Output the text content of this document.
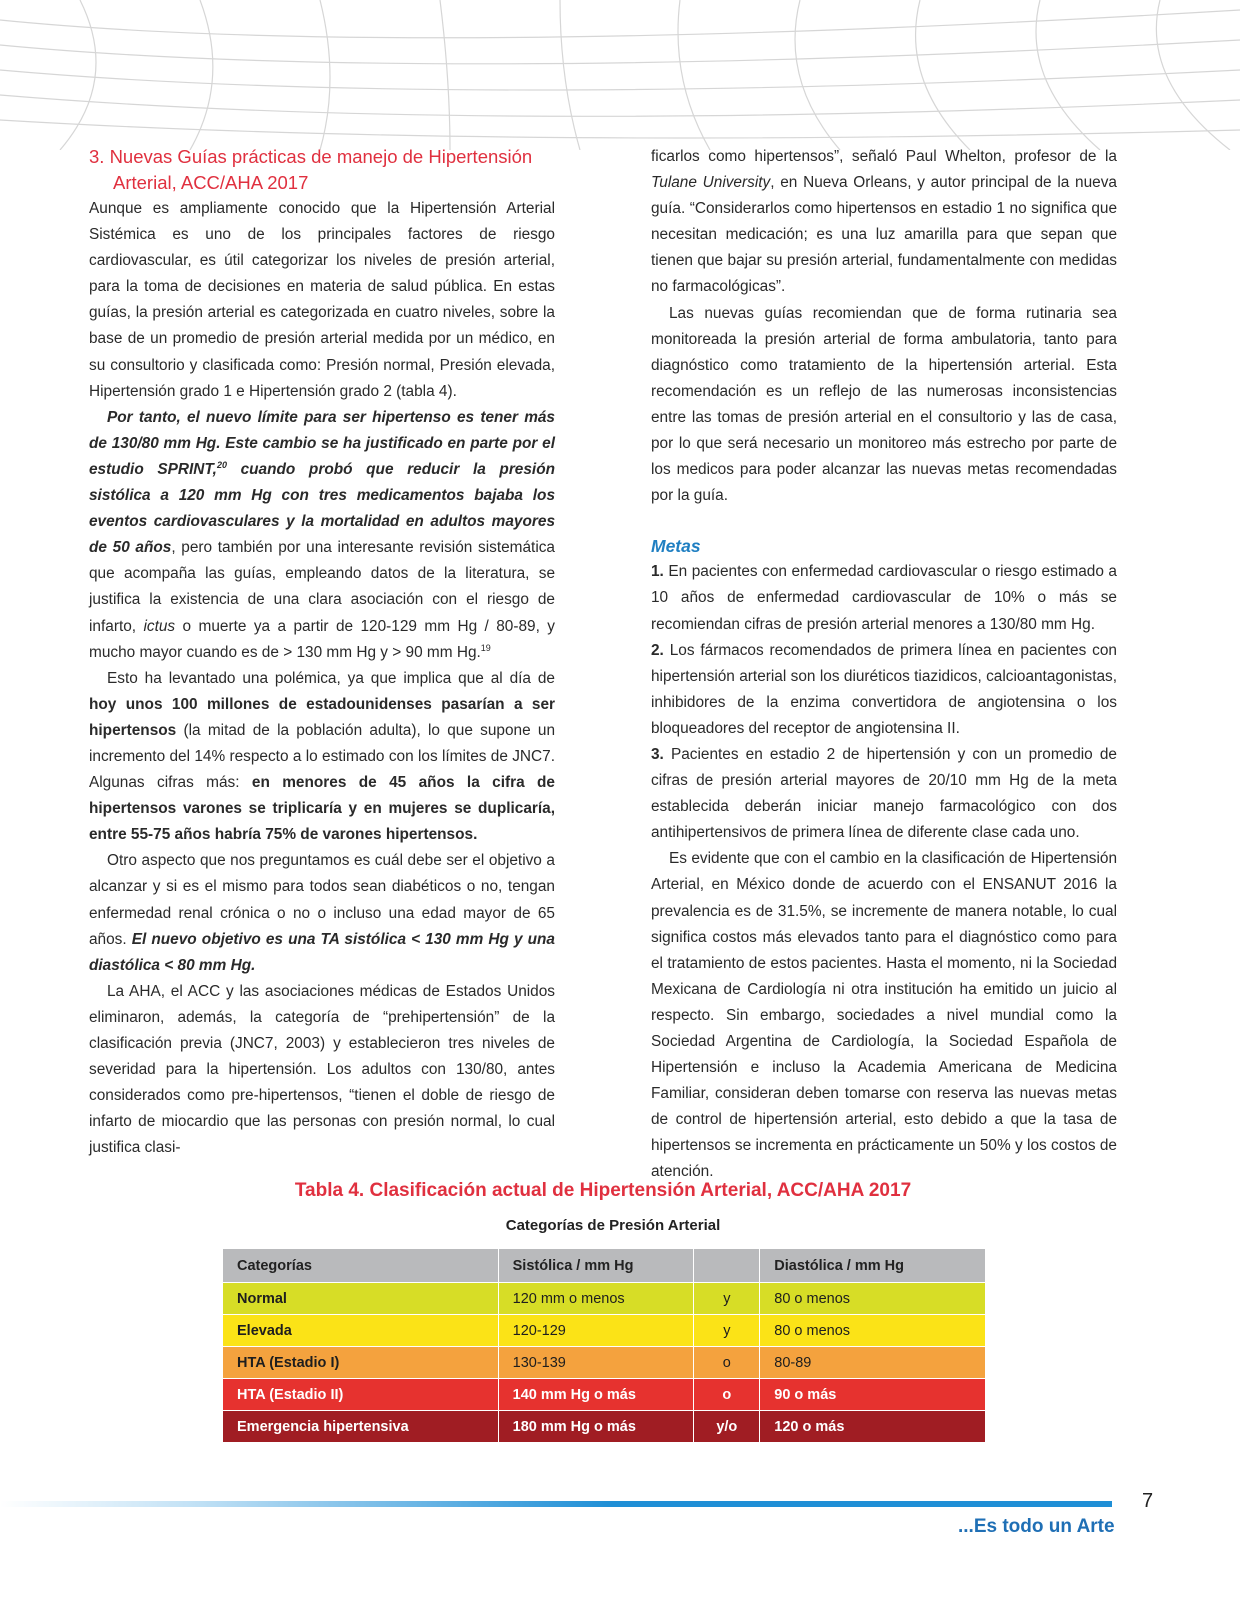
3. Nuevas Guías prácticas de manejo de Hipertensión
Arterial, ACC/AHA 2017

Aunque es ampliamente conocido que la Hipertensión Arterial Sistémica es uno de los principales factores de riesgo cardiovascular, es útil categorizar los niveles de presión arterial, para la toma de decisiones en materia de salud pública. En estas guías, la presión arterial es categorizada en cuatro niveles, sobre la base de un promedio de presión arterial medida por un médico, en su consultorio y clasificada como: Presión normal, Presión elevada, Hipertensión grado 1 e Hipertensión grado 2 (tabla 4).

Por tanto, el nuevo límite para ser hipertenso es tener más de 130/80 mm Hg. Este cambio se ha justificado en parte por el estudio SPRINT,$^{20}$ cuando probó que reducir la presión sistólica a 120 mm Hg con tres medicamentos bajaba los eventos cardiovasculares y la mortalidad en adultos mayores de 50 años, pero también por una interesante revisión sistemática que acompaña las guías, empleando datos de la literatura, se justifica la existencia de una clara asociación con el riesgo de infarto, ictus o muerte ya a partir de 120-129 mm Hg / 80-89, y mucho mayor cuando es de > 130 mm Hg y > 90 mm Hg.$^{19}$

Esto ha levantado una polémica, ya que implica que al día de hoy unos 100 millones de estadounidenses pasarían a ser hipertensos (la mitad de la población adulta), lo que supone un incremento del 14% respecto a lo estimado con los límites de JNC7. Algunas cifras más: en menores de 45 años la cifra de hipertensos varones se triplicaría y en mujeres se duplicaría, entre 55-75 años habría 75% de varones hipertensos.

Otro aspecto que nos preguntamos es cuál debe ser el objetivo a alcanzar y si es el mismo para todos sean diabéticos o no, tengan enfermedad renal crónica o no o incluso una edad mayor de 65 años. El nuevo objetivo es una TA sistólica < 130 mm Hg y una diastólica < 80 mm Hg.

La AHA, el ACC y las asociaciones médicas de Estados Unidos eliminaron, además, la categoría de “prehipertensión” de la clasificación previa (JNC7, 2003) y establecieron tres niveles de severidad para la hipertensión. Los adultos con 130/80, antes considerados como pre-hipertensos, “tienen el doble de riesgo de infarto de miocardio que las personas con presión normal, lo cual justifica clasi-

ficarlos como hipertensos”, señaló Paul Whelton, profesor de la Tulane University, en Nueva Orleans, y autor principal de la nueva guía. “Considerarlos como hipertensos en estadio 1 no significa que necesitan medicación; es una luz amarilla para que sepan que tienen que bajar su presión arterial, fundamentalmente con medidas no farmacológicas”.

Las nuevas guías recomiendan que de forma rutinaria sea monitoreada la presión arterial de forma ambulatoria, tanto para diagnóstico como tratamiento de la hipertensión arterial. Esta recomendación es un reflejo de las numerosas inconsistencias entre las tomas de presión arterial en el consultorio y las de casa, por lo que será necesario un monitoreo más estrecho por parte de los medicos para poder alcanzar las nuevas metas recomendadas por la guía.

Metas

1. En pacientes con enfermedad cardiovascular o riesgo estimado a 10 años de enfermedad cardiovascular de 10% o más se recomiendan cifras de presión arterial menores a 130/80 mm Hg.

2. Los fármacos recomendados de primera línea en pacientes con hipertensión arterial son los diuréticos tiazidicos, calcioantagonistas, inhibidores de la enzima convertidora de angiotensina o los bloqueadores del receptor de angiotensina II.

3. Pacientes en estadio 2 de hipertensión y con un promedio de cifras de presión arterial mayores de 20/10 mm Hg de la meta establecida deberán iniciar manejo farmacológico con dos antihipertensivos de primera línea de diferente clase cada uno.

Es evidente que con el cambio en la clasificación de Hipertensión Arterial, en México donde de acuerdo con el ENSANUT 2016 la prevalencia es de 31.5%, se incremente de manera notable, lo cual significa costos más elevados tanto para el diagnóstico como para el tratamiento de estos pacientes. Hasta el momento, ni la Sociedad Mexicana de Cardiología ni otra institución ha emitido un juicio al respecto. Sin embargo, sociedades a nivel mundial como la Sociedad Argentina de Cardiología, la Sociedad Española de Hipertensión e incluso la Academia Americana de Medicina Familiar, consideran deben tomarse con reserva las nuevas metas de control de hipertensión arterial, esto debido a que la tasa de hipertensos se incrementa en prácticamente un 50% y los costos de atención.

Tabla 4. Clasificación actual de Hipertensión Arterial, ACC/AHA 2017
Categorías de Presión Arterial
Categorías	Sistólica / mm Hg		Diastólica / mm Hg
Normal	120 mm o menos	y	80 o menos
Elevada	120-129	y	80 o menos
HTA (Estadio I)	130-139	o	80-89
HTA (Estadio II)	140 mm Hg o más	o	90 o más
Emergencia hipertensiva	180 mm Hg o más	y/o	120 o más
7
...Es todo un Arte
